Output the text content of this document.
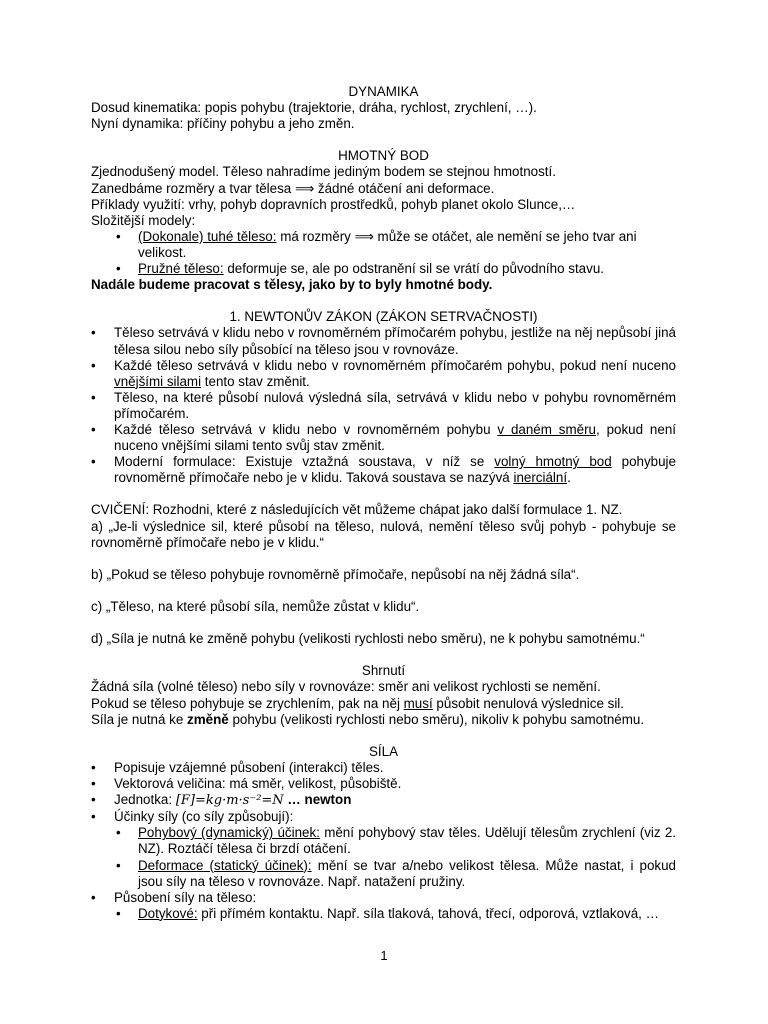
DYNAMIKA
Dosud kinematika: popis pohybu (trajektorie, dráha, rychlost, zrychlení, …).
Nyní dynamika: příčiny pohybu a jeho změn.
HMOTNÝ BOD
Zjednodušený model. Těleso nahradíme jediným bodem se stejnou hmotností.
Zanedbáme rozměry a tvar tělesa ⟹ žádné otáčení ani deformace.
Příklady využití: vrhy, pohyb dopravních prostředků, pohyb planet okolo Slunce,…
Složitější modely:
• (Dokonale) tuhé těleso: má rozměry ⟹ může se otáčet, ale nemění se jeho tvar ani velikost.
• Pružné těleso: deformuje se, ale po odstranění sil se vrátí do původního stavu.
Nadále budeme pracovat s tělesy, jako by to byly hmotné body.
1. NEWTONŮV ZÁKON (ZÁKON SETRVAČNOSTI)
• Těleso setrvává v klidu nebo v rovnoměrném přímočarém pohybu, jestliže na něj nepůsobí jiná tělesa silou nebo síly působící na těleso jsou v rovnováze.
• Každé těleso setrvává v klidu nebo v rovnoměrném přímočarém pohybu, pokud není nuceno vnějšími silami tento stav změnit.
• Těleso, na které působí nulová výsledná síla, setrvává v klidu nebo v pohybu rovnoměrném přímočarém.
• Každé těleso setrvává v klidu nebo v rovnoměrném pohybu v daném směru, pokud není nuceno vnějšími silami tento svůj stav změnit.
• Moderní formulace: Existuje vztažná soustava, v níž se volný hmotný bod pohybuje rovnoměrně přímočaře nebo je v klidu. Taková soustava se nazývá inerciální.
CVIČENÍ: Rozhodni, které z následujících vět můžeme chápat jako další formulace 1. NZ.
a) „Je-li výslednice sil, které působí na těleso, nulová, nemění těleso svůj pohyb - pohybuje se rovnoměrně přímočaře nebo je v klidu.“
b) „Pokud se těleso pohybuje rovnoměrně přímočaře, nepůsobí na něj žádná síla“.
c) „Těleso, na které působí síla, nemůže zůstat v klidu“.
d) „Síla je nutná ke změně pohybu (velikosti rychlosti nebo směru), ne k pohybu samotnému.“
Shrnutí
Žádná síla (volné těleso) nebo síly v rovnováze: směr ani velikost rychlosti se nemění.
Pokud se těleso pohybuje se zrychlením, pak na něj musí působit nenulová výslednice sil.
Síla je nutná ke změně pohybu (velikosti rychlosti nebo směru), nikoliv k pohybu samotnému.
SÍLA
• Popisuje vzájemné působení (interakci) těles.
• Vektorová veličina: má směr, velikost, působiště.
• Jednotka: [F]=kg·m·s⁻²=N … newton
• Účinky síly (co síly způsobují):
• Pohybový (dynamický) účinek: mění pohybový stav těles. Udělují tělesům zrychlení (viz 2. NZ). Roztáčí tělesa či brzdí otáčení.
• Deformace (statický účinek): mění se tvar a/nebo velikost tělesa. Může nastat, i pokud jsou síly na těleso v rovnováze. Např. natažení pružiny.
• Působení síly na těleso:
• Dotykové: při přímém kontaktu. Např. síla tlaková, tahová, třecí, odporová, vztlaková, …
1
